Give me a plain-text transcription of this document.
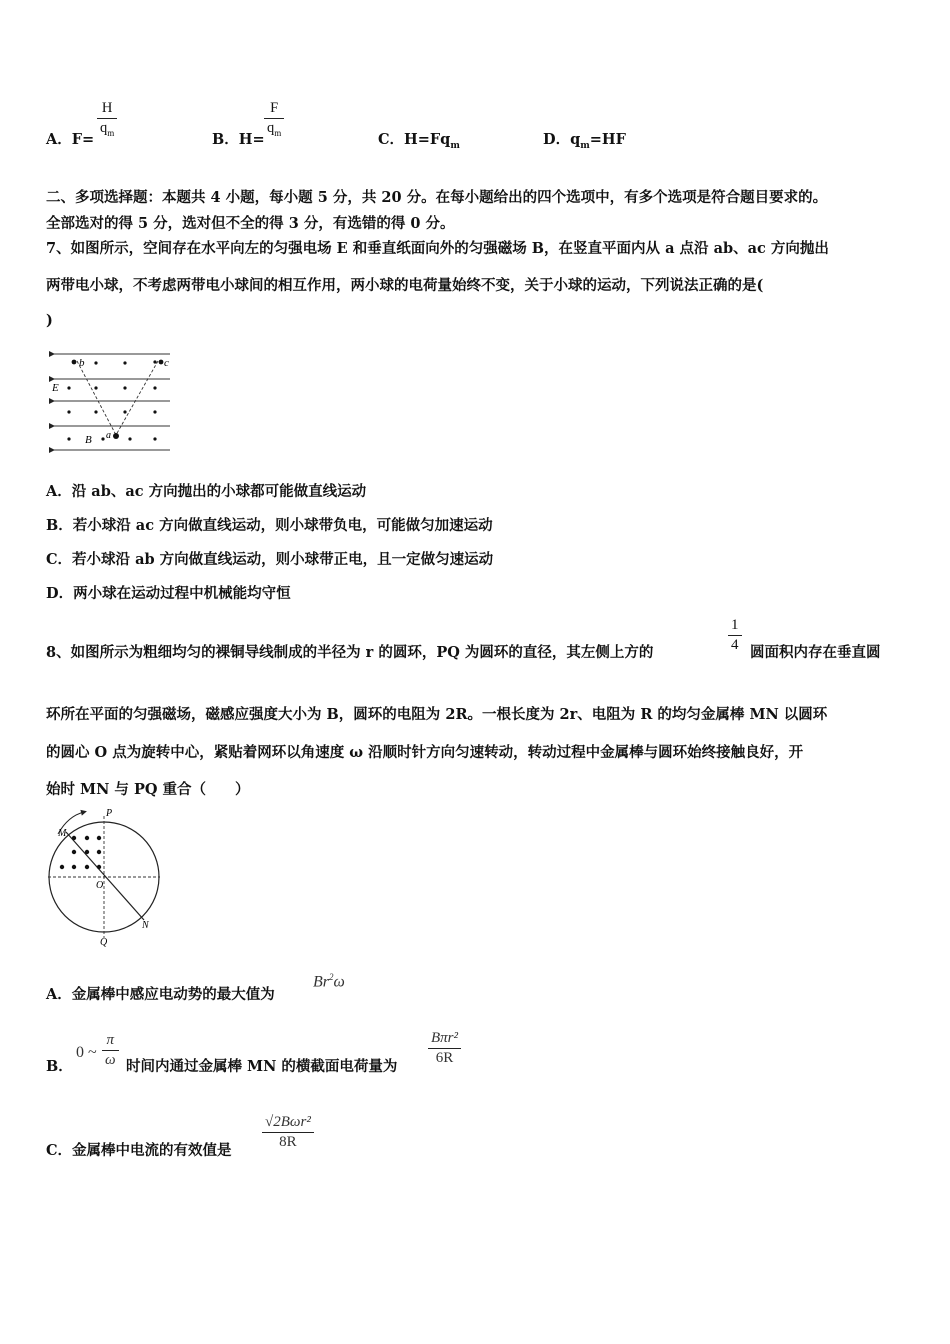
A．F=
$\frac{H}{q_m}$
B．H=
$\frac{F}{q_m}$
C．$H=Fq_m$	D．$q_m=HF$
二、多项选择题：本题共 4 小题，每小题 5 分，共 20 分。在每小题给出的四个选项中，有多个选项是符合题目要求的。
全部选对的得 5 分，选对但不全的得 3 分，有选错的得 0 分。
7、如图所示，空间存在水平向左的匀强电场 E 和垂直纸面向外的匀强磁场 B，在竖直平面内从 a 点沿 ab、ac 方向抛出
两带电小球，不考虑两带电小球间的相互作用，两小球的电荷量始终不变，关于小球的运动，下列说法正确的是(
)
b	c
E
B a
A．沿 ab、ac 方向抛出的小球都可能做直线运动
B．若小球沿 ac 方向做直线运动，则小球带负电，可能做匀加速运动
C．若小球沿 ab 方向做直线运动，则小球带正电，且一定做匀速运动
D．两小球在运动过程中机械能均守恒
8、如图所示为粗细均匀的裸铜导线制成的半径为 r 的圆环，PQ 为圆环的直径，其左侧上方的	$\frac{1}{4}$ 圆面积内存在垂直圆
环所在平面的匀强磁场，磁感应强度大小为 B，圆环的电阻为 2R。一根长度为 2r、电阻为 R 的均匀金属棒 MN 以圆环
的圆心 O 点为旋转中心，紧贴着网环以角速度 ω 沿顺时针方向匀速转动，转动过程中金属棒与圆环始终接触良好，开
始时 MN 与 PQ 重合（　　）
P
M
O
N
Q
A．金属棒中感应电动势的最大值为
Br$^2$ω
B．
0 ~ $\frac{\pi}{\omega}$ 时间内通过金属棒 MN 的横截面电荷量为
Bπr²
6R
C．金属棒中电流的有效值是
√2Bωr²
8R
